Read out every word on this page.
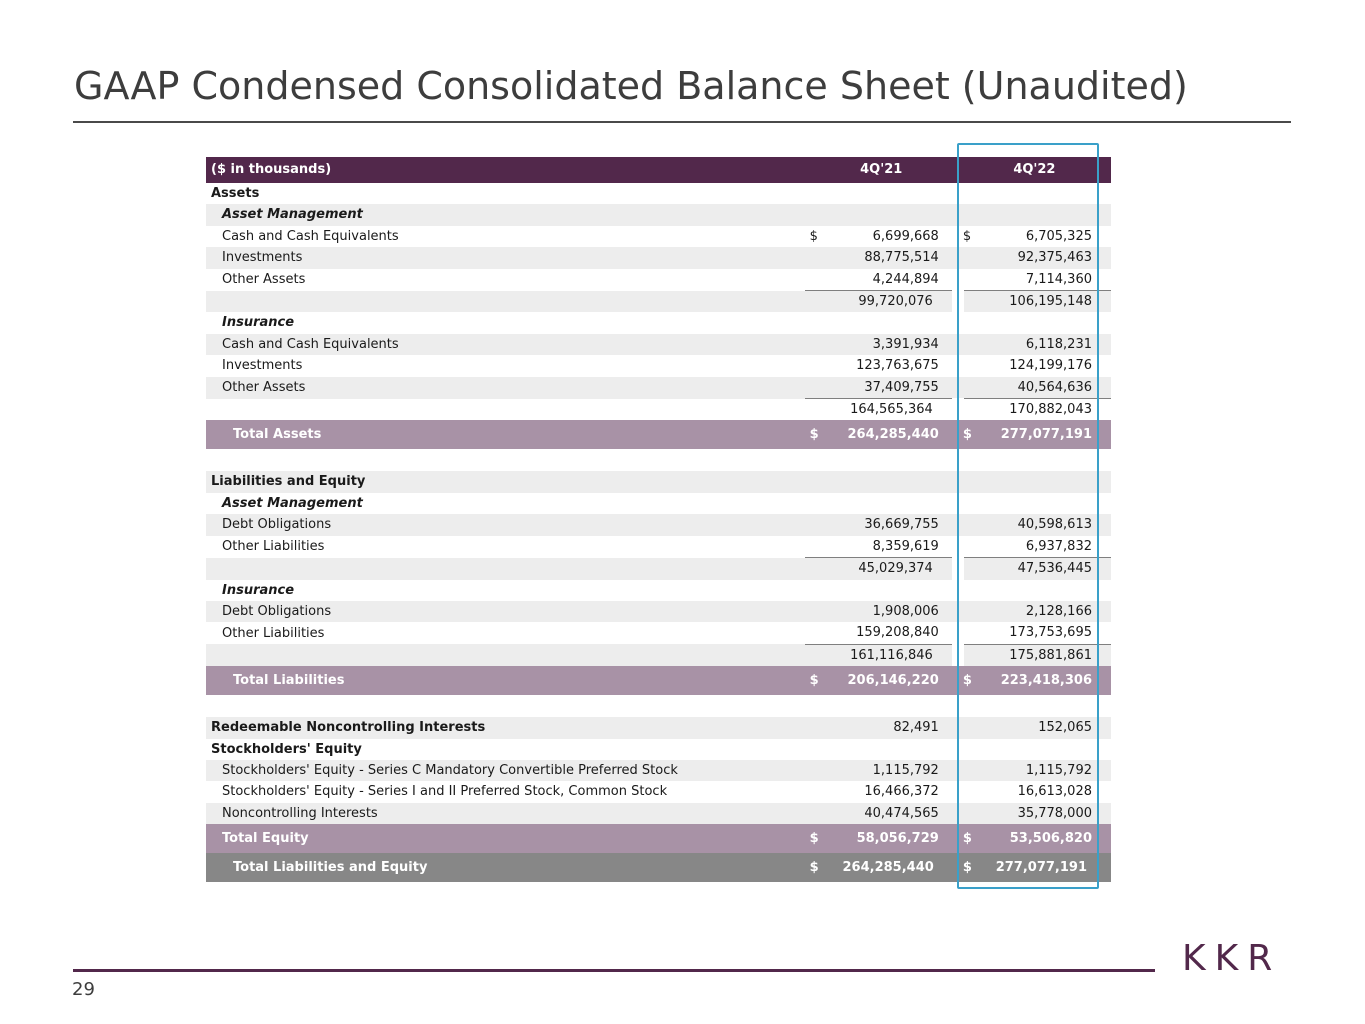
GAAP Condensed Consolidated Balance Sheet (Unaudited)
($ in thousands)	4Q'21	4Q'22
Assets		
Asset Management		
Cash and Cash Equivalents	$ 6,699,668	$ 6,705,325
Investments	88,775,514	92,375,463
Other Assets	4,244,894	7,114,360
	99,720,076	106,195,148
Insurance		
Cash and Cash Equivalents	3,391,934	6,118,231
Investments	123,763,675	124,199,176
Other Assets	37,409,755	40,564,636
	164,565,364	170,882,043
Total Assets	$ 264,285,440	$ 277,077,191

Liabilities and Equity		
Asset Management		
Debt Obligations	36,669,755	40,598,613
Other Liabilities	8,359,619	6,937,832
	45,029,374	47,536,445
Insurance		
Debt Obligations	1,908,006	2,128,166
Other Liabilities	159,208,840	173,753,695
	161,116,846	175,881,861
Total Liabilities	$ 206,146,220	$ 223,418,306

Redeemable Noncontrolling Interests	82,491	152,065
Stockholders' Equity		
Stockholders' Equity - Series C Mandatory Convertible Preferred Stock	1,115,792	1,115,792
Stockholders' Equity - Series I and II Preferred Stock, Common Stock	16,466,372	16,613,028
Noncontrolling Interests	40,474,565	35,778,000
Total Equity	$ 58,056,729	$ 53,506,820
Total Liabilities and Equity	$ 264,285,440	$ 277,077,191
29
KKR
